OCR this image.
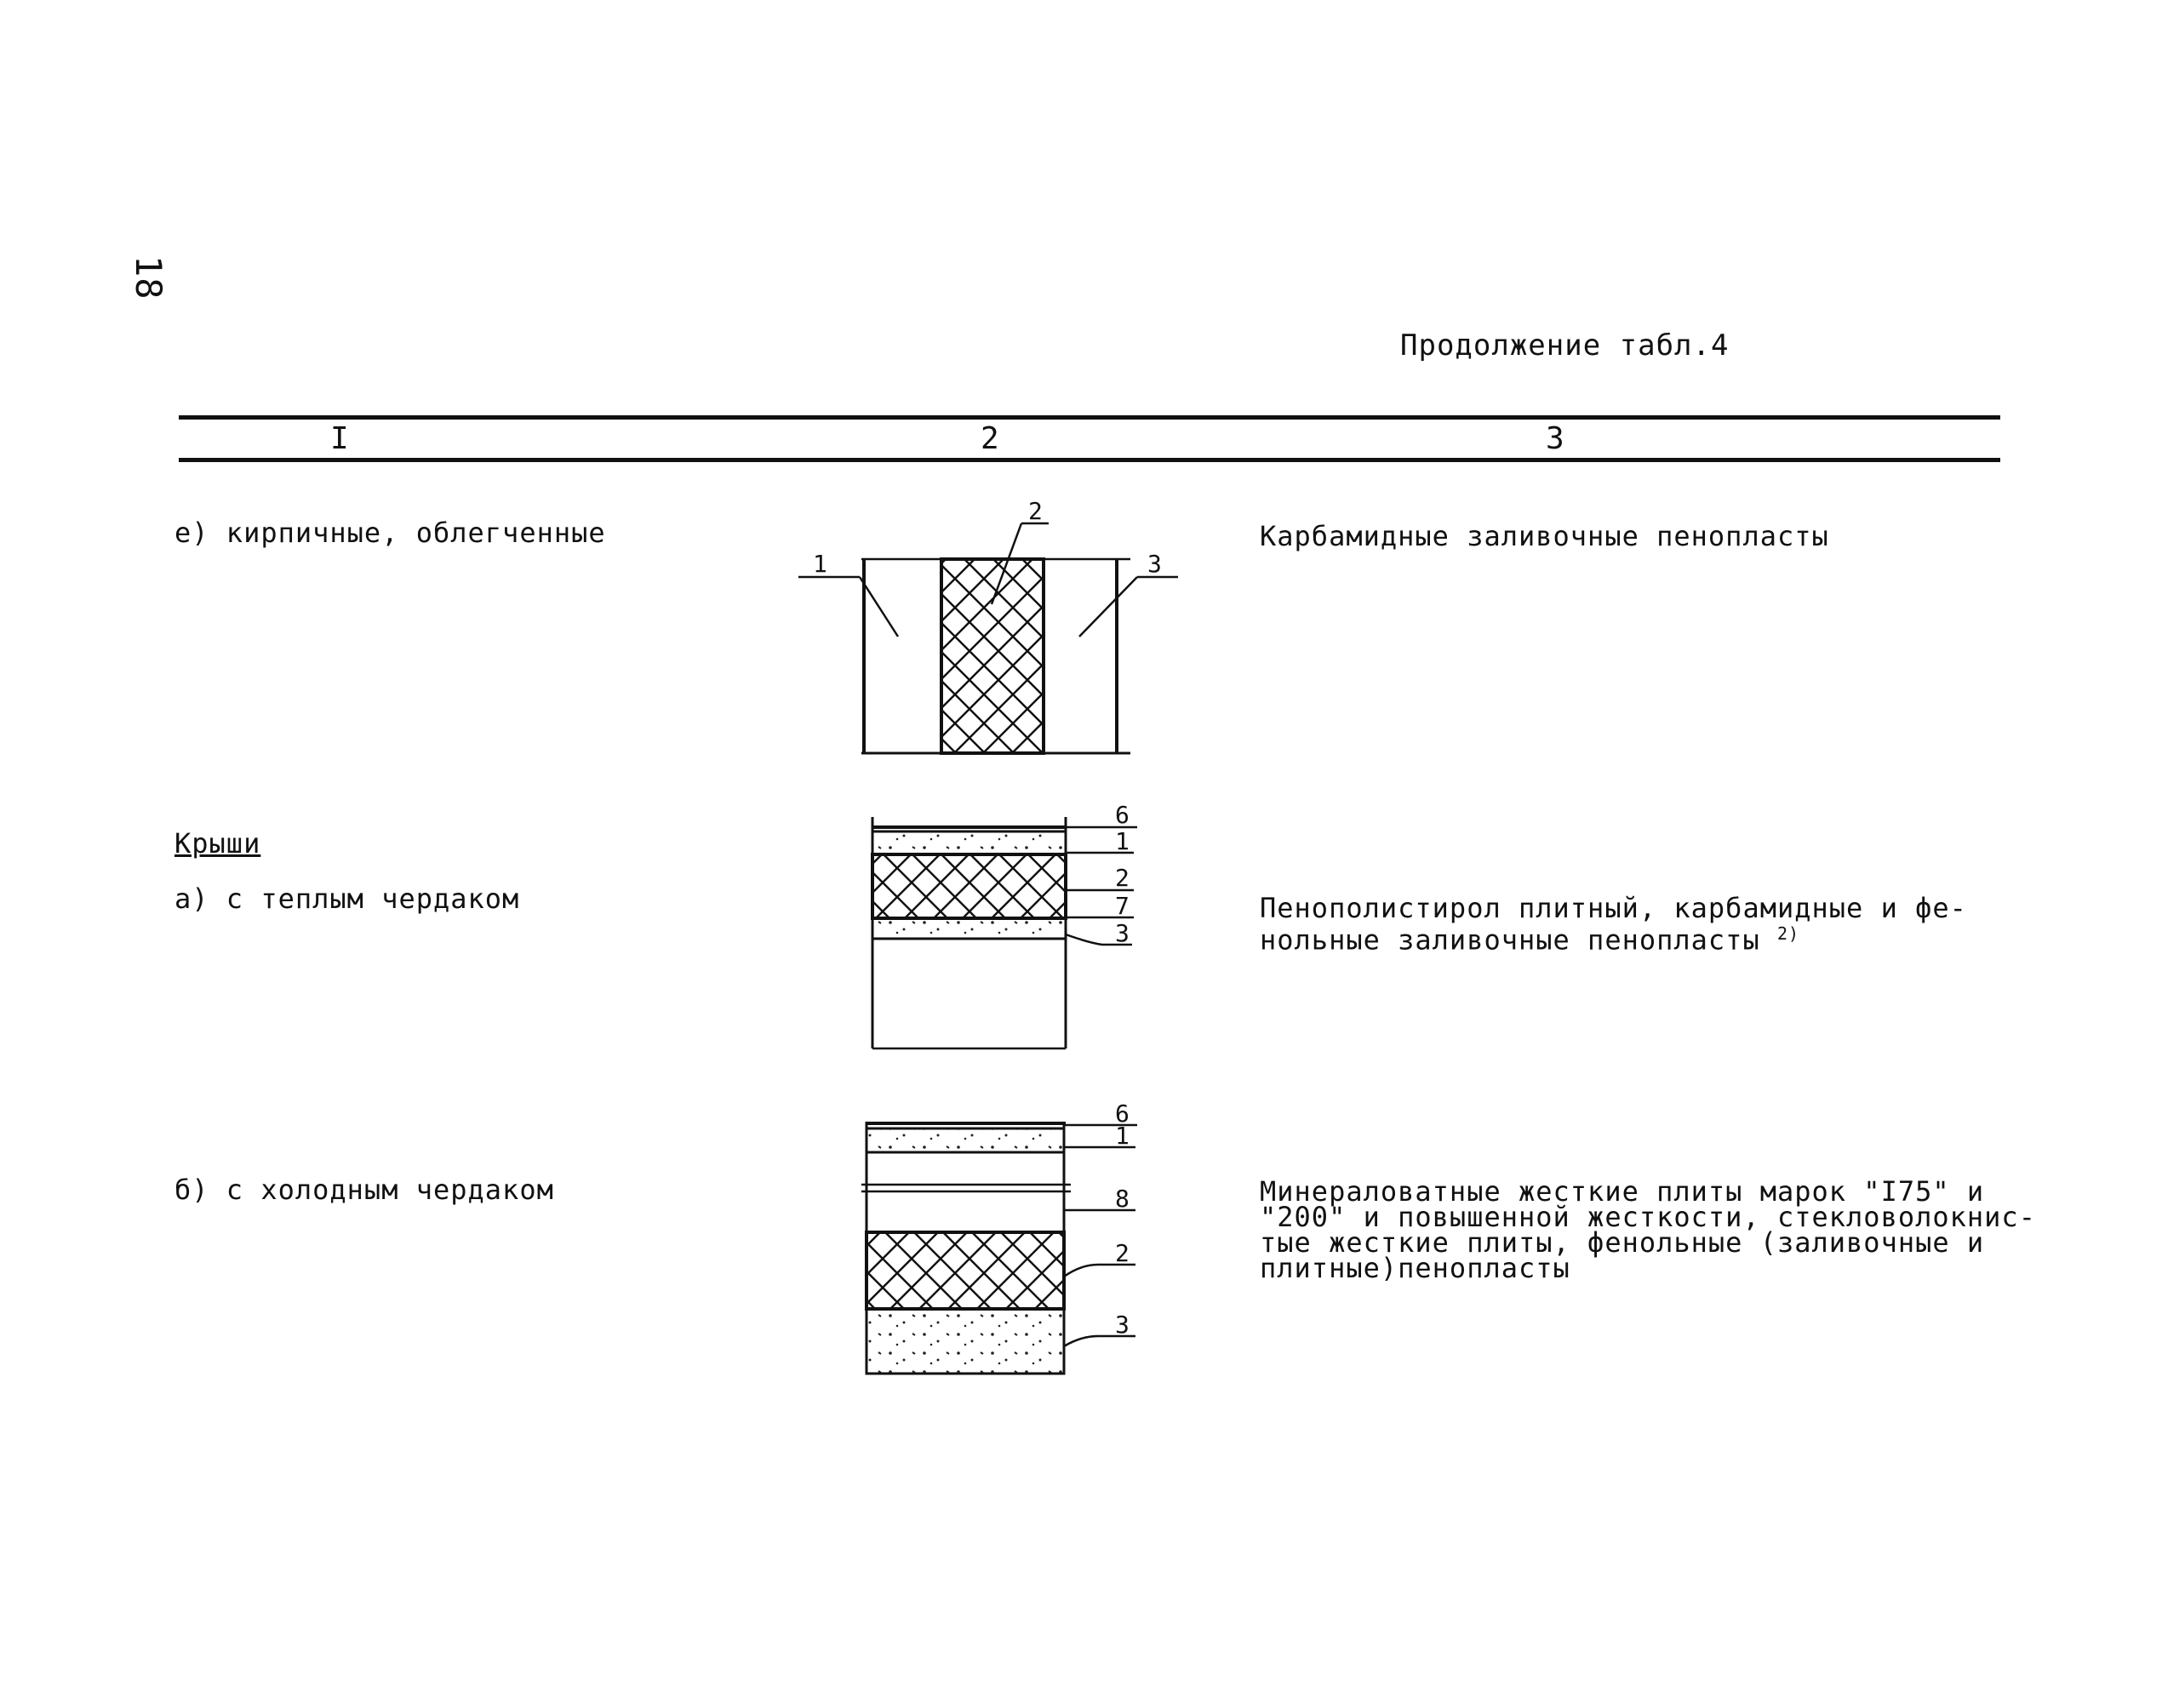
18
Продолжение табл.4
I	2	3
е) кирпичные, облегченные	Карбамидные заливочные пенопласты
Крыши
а) с теплым чердаком	Пенополистирол плитный, карбамидные и фе-
нольные заливочные пенопласты $^{2)}$
б) с холодным чердаком	Минераловатные жесткие плиты марок "I75" и
"200" и повышенной жесткости, стекловолокнис-
тые жесткие плиты, фенольные (заливочные и
плитные)пенопласты
1
2
3
6
1
2
7
3
6
1
8
2
3
